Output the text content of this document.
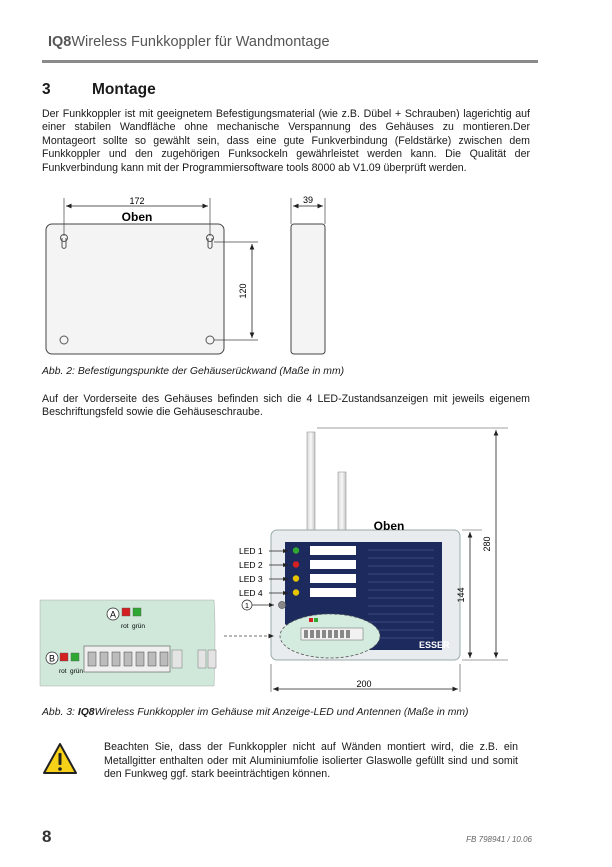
IQ8Wireless Funkkoppler für Wandmontage
3	Montage
Der Funkkoppler ist mit geeignetem Befestigungsmaterial (wie z.B. Dübel + Schrauben) lagerichtig auf einer stabilen Wandfläche ohne mechanische Verspannung des Gehäuses zu montieren.Der Montageort sollte so gewählt sein, dass eine gute Funkverbindung (Feldstärke) zwischen dem Funkkoppler und den zugehörigen Funksockeln gewährleistet werden kann. Die Qualität der Funkverbindung kann mit der Programmiersoftware tools 8000 ab V1.09 überprüft werden.
172
Oben
120
39
Abb. 2: Befestigungspunkte der Gehäuserückwand (Maße in mm)
Auf der Vorderseite des Gehäuses befinden sich die 4 LED-Zustandsanzeigen mit jeweils eigenem Beschriftungsfeld sowie die Gehäuseschraube.
Oben
LED 1
LED 2
LED 3
LED 4
1
ESSER
A
rot grün
B
rot grün
200
144
280
Abb. 3: IQ8Wireless Funkkoppler im Gehäuse mit Anzeige-LED und Antennen (Maße in mm)
Beachten Sie, dass der Funkkoppler nicht auf Wänden montiert wird, die z.B. ein Metallgitter enthalten oder mit Aluminiumfolie isolierter Glaswolle gefüllt sind und somit den Funkweg ggf. stark beeinträchtigen können.
8	FB 798941 / 10.06
